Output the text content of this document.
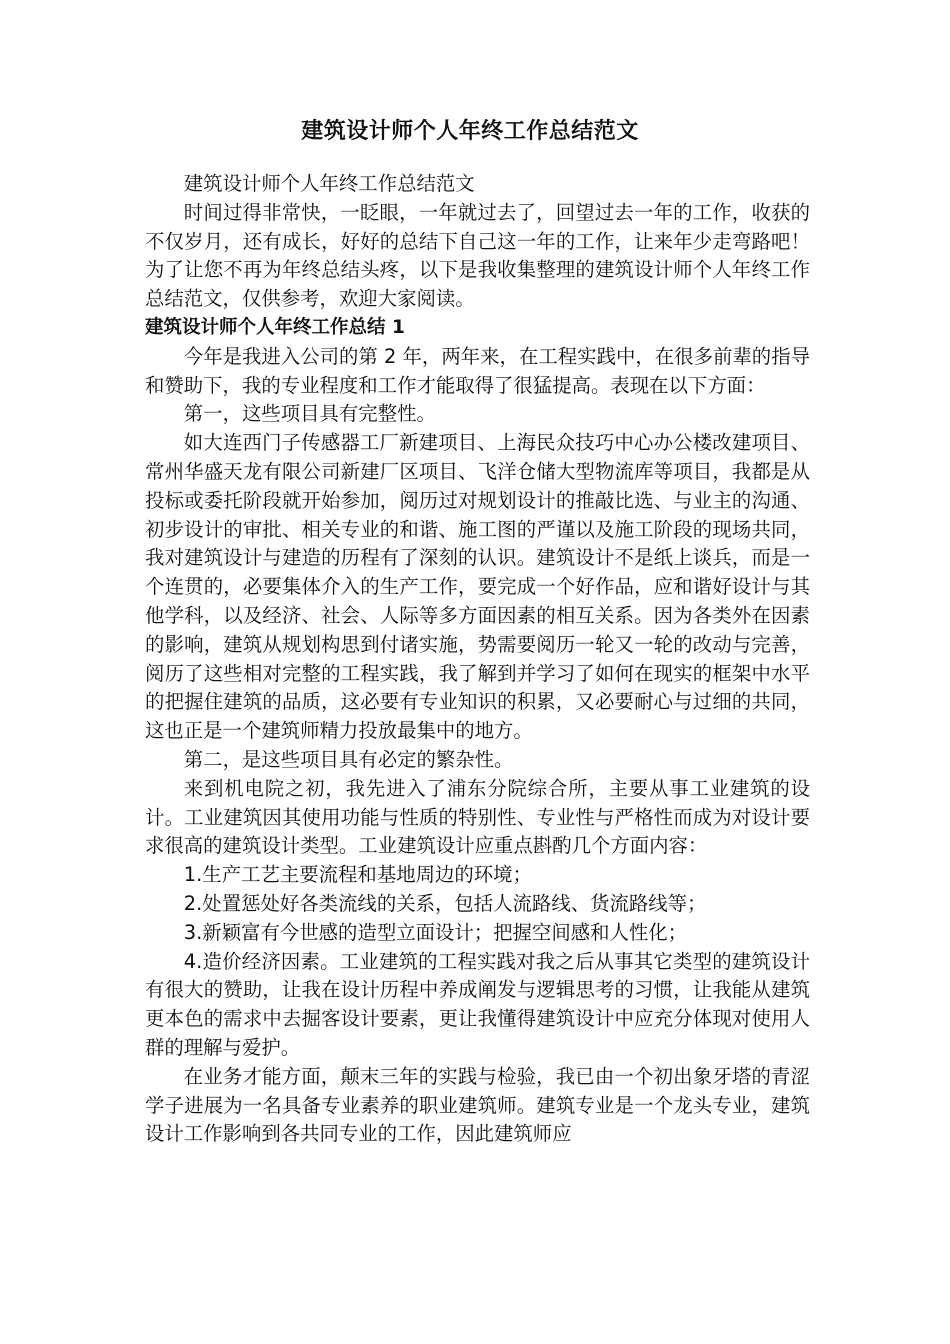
建筑设计师个人年终工作总结范文

建筑设计师个人年终工作总结范文

时间过得非常快，一眨眼，一年就过去了，回望过去一年的工作，收获的不仅岁月，还有成长，好好的总结下自己这一年的工作，让来年少走弯路吧！为了让您不再为年终总结头疼，以下是我收集整理的建筑设计师个人年终工作总结范文，仅供参考，欢迎大家阅读。

建筑设计师个人年终工作总结 1

今年是我进入公司的第 2 年，两年来，在工程实践中，在很多前辈的指导和赞助下，我的专业程度和工作才能取得了很猛提高。表现在以下方面：

第一，这些项目具有完整性。

如大连西门子传感器工厂新建项目、上海民众技巧中心办公楼改建项目、常州华盛天龙有限公司新建厂区项目、飞洋仓储大型物流库等项目，我都是从投标或委托阶段就开始参加，阅历过对规划设计的推敲比选、与业主的沟通、初步设计的审批、相关专业的和谐、施工图的严谨以及施工阶段的现场共同，我对建筑设计与建造的历程有了深刻的认识。建筑设计不是纸上谈兵，而是一个连贯的，必要集体介入的生产工作，要完成一个好作品，应和谐好设计与其他学科，以及经济、社会、人际等多方面因素的相互关系。因为各类外在因素的影响，建筑从规划构思到付诸实施，势需要阅历一轮又一轮的改动与完善，阅历了这些相对完整的工程实践，我了解到并学习了如何在现实的框架中水平的把握住建筑的品质，这必要有专业知识的积累，又必要耐心与过细的共同，这也正是一个建筑师精力投放最集中的地方。

第二，是这些项目具有必定的繁杂性。

来到机电院之初，我先进入了浦东分院综合所，主要从事工业建筑的设计。工业建筑因其使用功能与性质的特别性、专业性与严格性而成为对设计要求很高的建筑设计类型。工业建筑设计应重点斟酌几个方面内容：

1.生产工艺主要流程和基地周边的环境；

2.处置惩处好各类流线的关系，包括人流路线、货流路线等；

3.新颖富有今世感的造型立面设计；把握空间感和人性化；

4.造价经济因素。工业建筑的工程实践对我之后从事其它类型的建筑设计有很大的赞助，让我在设计历程中养成阐发与逻辑思考的习惯，让我能从建筑更本色的需求中去掘客设计要素，更让我懂得建筑设计中应充分体现对使用人群的理解与爱护。

在业务才能方面，颠末三年的实践与检验，我已由一个初出象牙塔的青涩学子进展为一名具备专业素养的职业建筑师。建筑专业是一个龙头专业，建筑设计工作影响到各共同专业的工作，因此建筑师应
